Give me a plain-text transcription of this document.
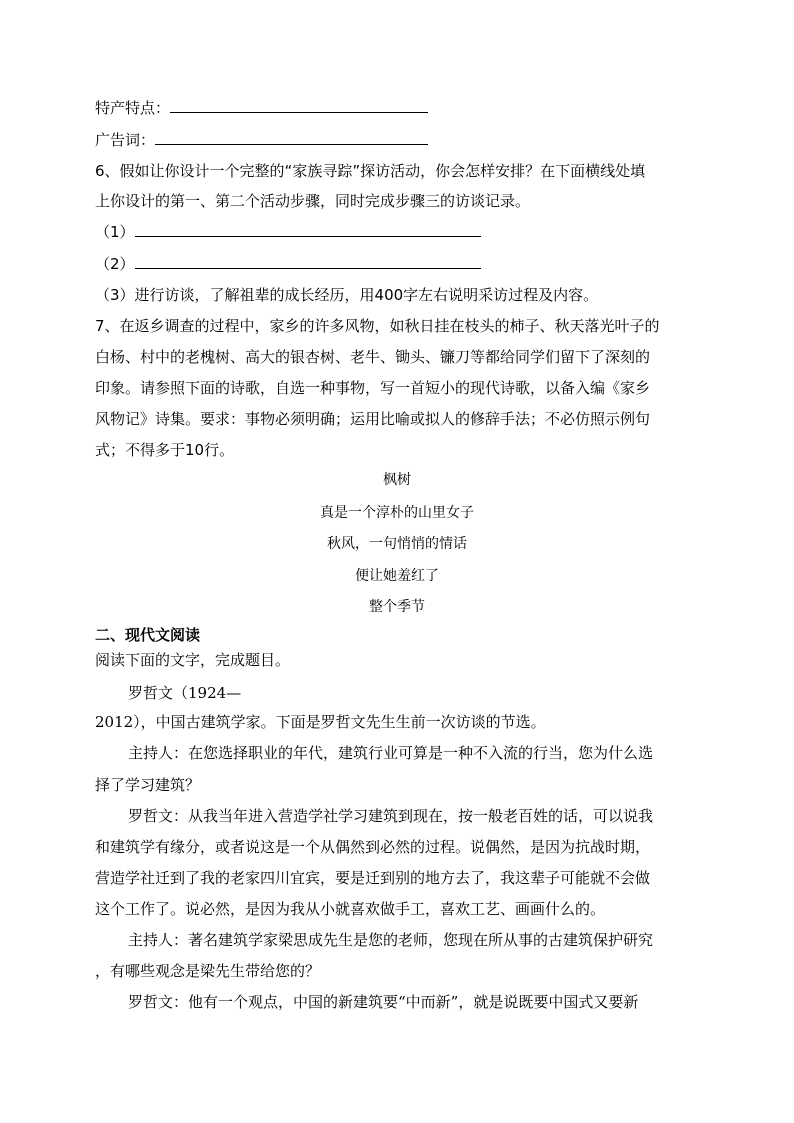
特产特点：
广告词：
6、假如让你设计一个完整的“家族寻踪”探访活动，你会怎样安排？在下面横线处填
上你设计的第一、第二个活动步骤，同时完成步骤三的访谈记录。
（1）
（2）
（3）进行访谈，了解祖辈的成长经历，用400字左右说明采访过程及内容。
7、在返乡调查的过程中，家乡的许多风物，如秋日挂在枝头的柿子、秋天落光叶子的
白杨、村中的老槐树、高大的银杏树、老牛、锄头、镰刀等都给同学们留下了深刻的
印象。请参照下面的诗歌，自选一种事物，写一首短小的现代诗歌，以备入编《家乡
风物记》诗集。要求：事物必须明确；运用比喻或拟人的修辞手法；不必仿照示例句
式；不得多于10行。
枫树
真是一个淳朴的山里女子
秋风，一句悄悄的情话
便让她羞红了
整个季节
二、现代文阅读
阅读下面的文字，完成题目。
罗哲文（1924—
2012），中国古建筑学家。下面是罗哲文先生生前一次访谈的节选。
主持人：在您选择职业的年代，建筑行业可算是一种不入流的行当，您为什么选
择了学习建筑？
罗哲文：从我当年进入营造学社学习建筑到现在，按一般老百姓的话，可以说我
和建筑学有缘分，或者说这是一个从偶然到必然的过程。说偶然，是因为抗战时期，
营造学社迁到了我的老家四川宜宾，要是迁到别的地方去了，我这辈子可能就不会做
这个工作了。说必然，是因为我从小就喜欢做手工，喜欢工艺、画画什么的。
主持人：著名建筑学家梁思成先生是您的老师，您现在所从事的古建筑保护研究
，有哪些观念是梁先生带给您的？
罗哲文：他有一个观点，中国的新建筑要“中而新”，就是说既要中国式又要新
